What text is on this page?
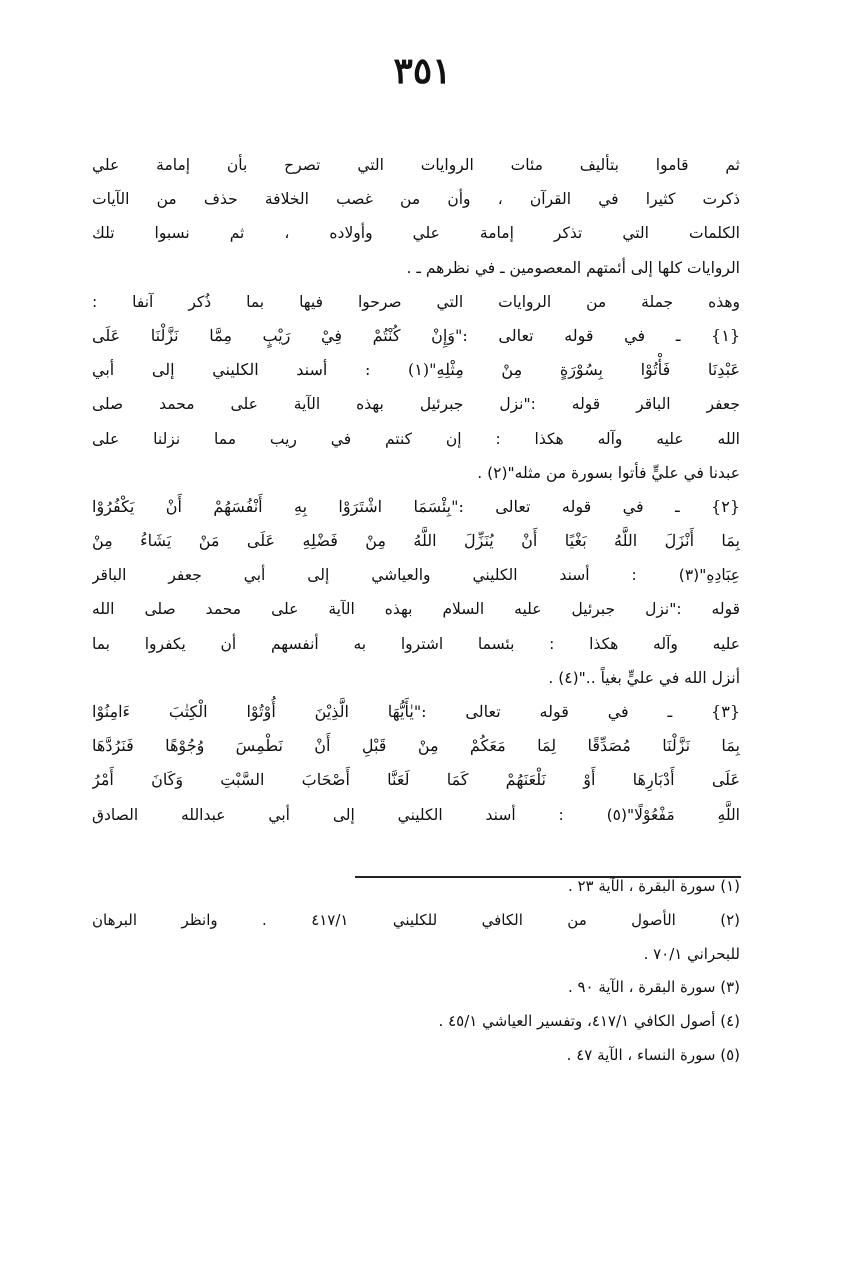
٣٥١
ثم قاموا بتأليف مئات الروايات التي تصرح بأن إمامة علي
ذكرت كثيرا في القرآن ، وأن من غصب الخلافة حذف من الآيات
الكلمات التي تذكر إمامة علي وأولاده ، ثم نسبوا تلك
الروايات كلها إلى أئمتهم المعصومين ـ في نظرهم ـ .
وهذه جملة من الروايات التي صرحوا فيها بما ذُكر آنفا :
{١} ـ في قوله تعالى :"وَإِنْ كُنْتُمْ فِيْ رَيْبٍ مِمَّا نَزَّلْنَا عَلَى
عَبْدِنَا فَأْتُوْا بِسُوْرَةٍ مِنْ مِثْلِهِ"(١) : أسند الكليني إلى أبي
جعفر الباقر قوله :"نزل جبرئيل بهذه الآية على محمد صلى
الله عليه وآله هكذا : إن كنتم في ريب مما نزلنا على
عبدنا في عليٍّ فأتوا بسورة من مثله"(٢) .
{٢} ـ في قوله تعالى :"بِئْسَمَا اشْتَرَوْا بِهِ أَنْفُسَهُمْ أَنْ يَكْفُرُوْا
بِمَا أَنْزَلَ اللَّهُ بَغْيًا أَنْ يُنَزِّلَ اللَّهُ مِنْ فَضْلِهِ عَلَى مَنْ يَشَاءُ مِنْ
عِبَادِهِ"(٣) : أسند الكليني والعياشي إلى أبي جعفر الباقر
قوله :"نزل جبرئيل عليه السلام بهذه الآية على محمد صلى الله
عليه وآله هكذا : بئسما اشتروا به أنفسهم أن يكفروا بما
أنزل الله في عليٍّ بغياً .."(٤) .
{٣} ـ في قوله تعالى :"يٰأَيُّهَا الَّذِيْنَ أُوْتُوْا الْكِتٰبَ ءَامِنُوْا
بِمَا نَزَّلْنَا مُصَدِّقًا لِمَا مَعَكُمْ مِنْ قَبْلِ أَنْ نَطْمِسَ وُجُوْهًا فَنَرُدَّهَا
عَلَى أَدْبَارِهَا أَوْ نَلْعَنَهُمْ كَمَا لَعَنَّا أَصْحَابَ السَّبْتِ وَكَانَ أَمْرُ
اللَّهِ مَفْعُوْلًا"(٥) : أسند الكليني إلى أبي عبدالله الصادق
(١) سورة البقرة ، الآية ٢٣ .
(٢) الأصول من الكافي للكليني ٤١٧/١ . وانظر البرهان
للبحراني ٧٠/١ .
(٣) سورة البقرة ، الآية ٩٠ .
(٤) أصول الكافي ٤١٧/١، وتفسير العياشي ٤٥/١ .
(٥) سورة النساء ، الآية ٤٧ .
